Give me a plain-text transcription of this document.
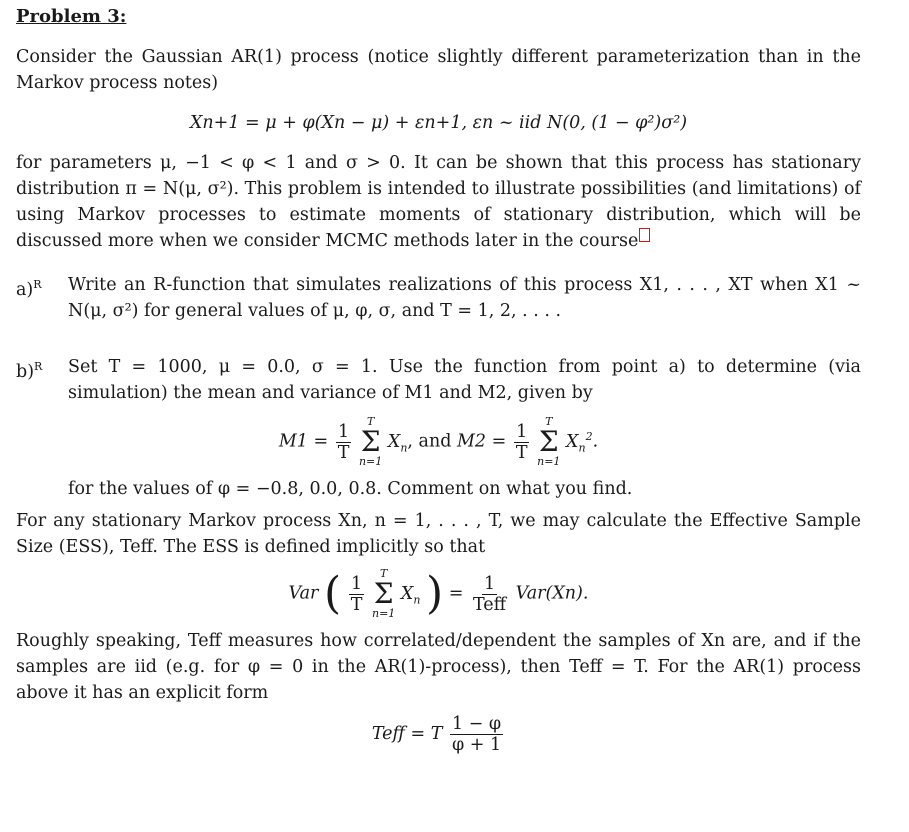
Problem 3:

Consider the Gaussian AR(1) process (notice slightly different parameterization than in the Markov process notes)

Xn+1 = μ + φ(Xn − μ) + εn+1, εn ~ iid N(0, (1 − φ²)σ²)

for parameters μ, −1 < φ < 1 and σ > 0. It can be shown that this process has stationary distribution π = N(μ, σ²). This problem is intended to illustrate possibilities (and limitations) of using Markov processes to estimate moments of stationary distribution, which will be discussed more when we consider MCMC methods later in the course

a)$^R$	Write an R-function that simulates realizations of this process X1, . . . , XT when X1 ~ N(μ, σ²) for general values of μ, φ, σ, and T = 1, 2, . . . .
b)$^R$	Set T = 1000, μ = 0.0, σ = 1. Use the function from point a) to determine (via simulation) the mean and variance of M1 and M2, given by
$M1 = \frac{1}{T}$
T
Σ
n=1
$X_n$, and $M2 = \frac{1}{T}$
T
Σ
n=1
$X_n^2$.

for the values of φ = −0.8, 0.0, 0.8. Comment on what you find.

For any stationary Markov process Xn, n = 1, . . . , T, we may calculate the Effective Sample Size (ESS), Teff. The ESS is defined implicitly so that

Var ( $\frac{1}{T}$
T
Σ
n=1
$X_n$ ) = $\frac{1}{\text{Teff}} Var(Xn)$.

Roughly speaking, Teff measures how correlated/dependent the samples of Xn are, and if the samples are iid (e.g. for φ = 0 in the AR(1)-process), then Teff = T. For the AR(1) process above it has an explicit form

Teff = T $\frac{1 - \varphi}{\varphi + 1}$
